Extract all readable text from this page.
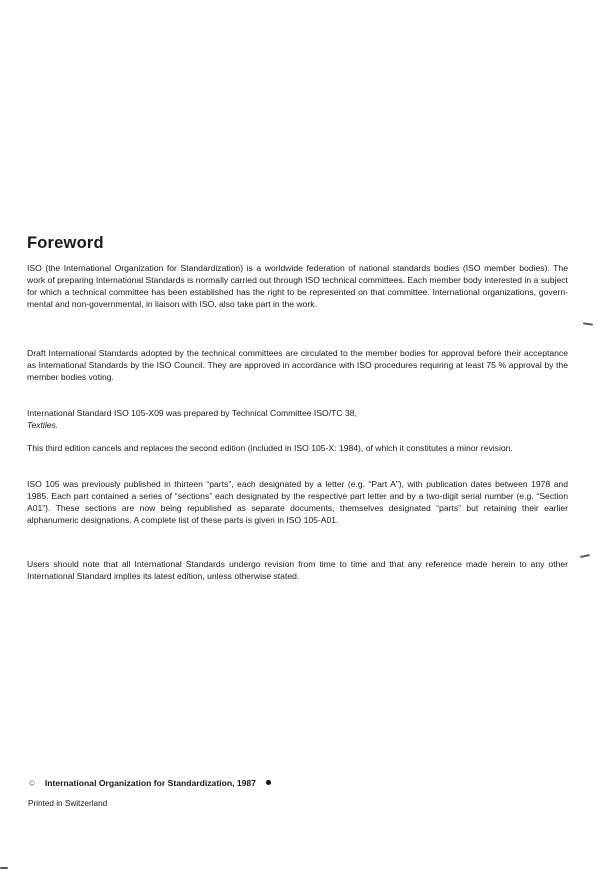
Foreword

ISO (the International Organization for Standardization) is a worldwide federation of national standards bodies (ISO member bodies). The work of preparing International Standards is normally carried out through ISO technical committees. Each member body interested in a subject for which a technical committee has been established has the right to be represented on that committee. International organizations, govern-mental and non-governmental, in liaison with ISO, also take part in the work.

Draft International Standards adopted by the technical committees are circulated to the member bodies for approval before their acceptance as International Standards by the ISO Council. They are approved in accordance with ISO procedures requiring at least 75 % approval by the member bodies voting.

International Standard ISO 105-X09 was prepared by Technical Committee ISO/TC 38,
Textiles.

This third edition cancels and replaces the second edition (included in ISO 105-X: 1984), of which it constitutes a minor revision.

ISO 105 was previously published in thirteen “parts”, each designated by a letter (e.g. “Part A”), with publication dates between 1978 and 1985. Each part contained a series of “sections” each designated by the respective part letter and by a two-digit serial number (e.g. “Section A01”). These sections are now being republished as separate documents, themselves designated “parts” but retaining their earlier alphanumeric designations. A complete list of these parts is given in ISO 105-A01.

Users should note that all International Standards undergo revision from time to time and that any reference made herein to any other International Standard implies its latest edition, unless otherwise stated.

© International Organization for Standardization, 1987
Printed in Switzerland
